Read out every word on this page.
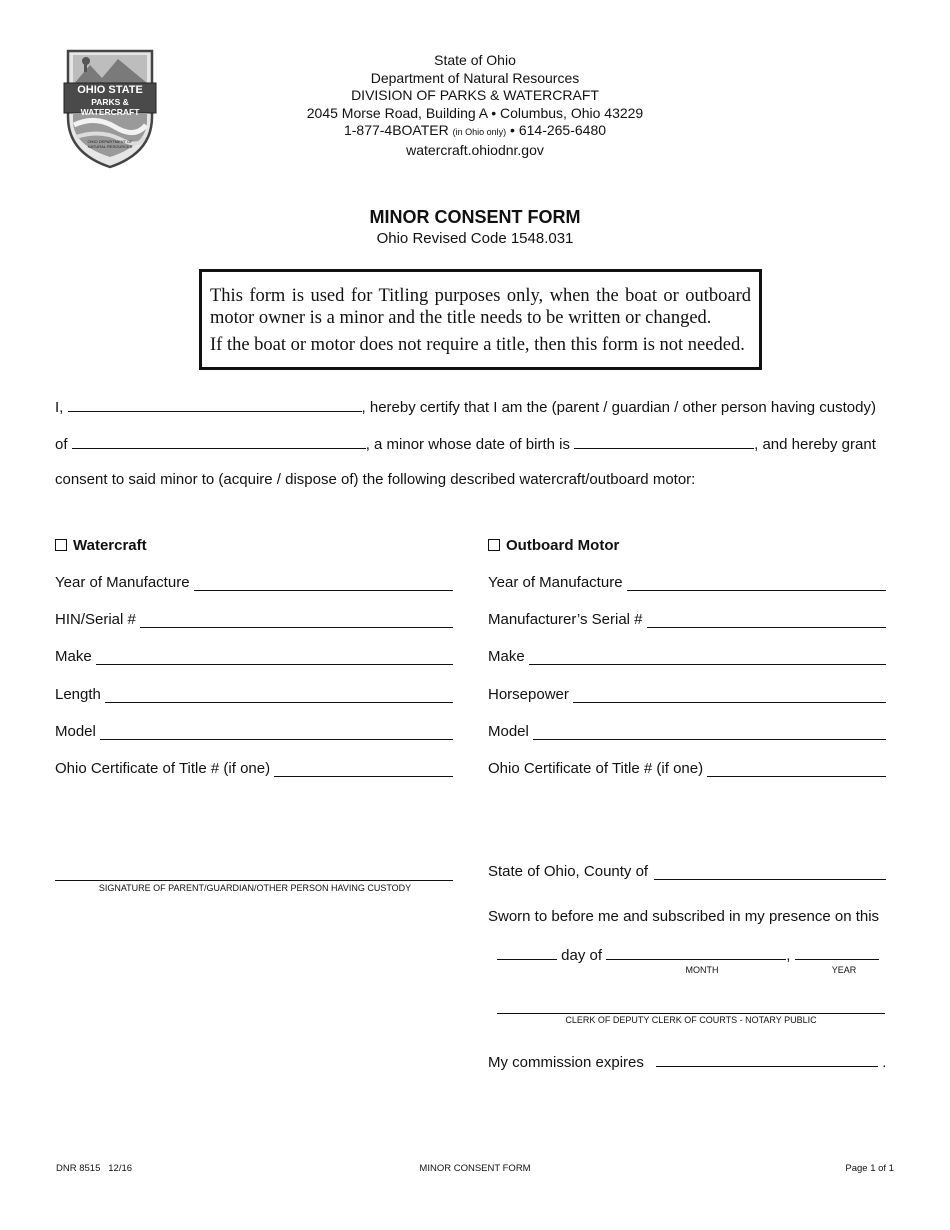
OHIO STATE
PARKS & WATERCRAFT
OHIO DEPARTMENT OF NATURAL RESOURCES
State of Ohio
Department of Natural Resources
DIVISION OF PARKS & WATERCRAFT
2045 Morse Road, Building A • Columbus, Ohio 43229
1-877-4BOATER (in Ohio only) • 614-265-6480
watercraft.ohiodnr.gov
MINOR CONSENT FORM
Ohio Revised Code 1548.031

This form is used for Titling purposes only, when the boat or outboard motor owner is a minor and the title needs to be written or changed.

If the boat or motor does not require a title, then this form is not needed.

I,	, hereby certify that I am the (parent / guardian / other person having custody)
of	, a minor whose date of birth is	, and hereby grant
consent to said minor to (acquire / dispose of) the following described watercraft/outboard motor:
Watercraft
Year of Manufacture
HIN/Serial #
Make
Length
Model
Ohio Certificate of Title # (if one)
Outboard Motor
Year of Manufacture
Manufacturer’s Serial #
Make
Horsepower
Model
Ohio Certificate of Title # (if one)
SIGNATURE OF PARENT/GUARDIAN/OTHER PERSON HAVING CUSTODY
State of Ohio, County of
Sworn to before me and subscribed in my presence on this
day of	,
MONTH	YEAR
CLERK OF DEPUTY CLERK OF COURTS - NOTARY PUBLIC
My commission expires	.
DNR 8515   12/16	MINOR CONSENT FORM	Page 1 of 1
